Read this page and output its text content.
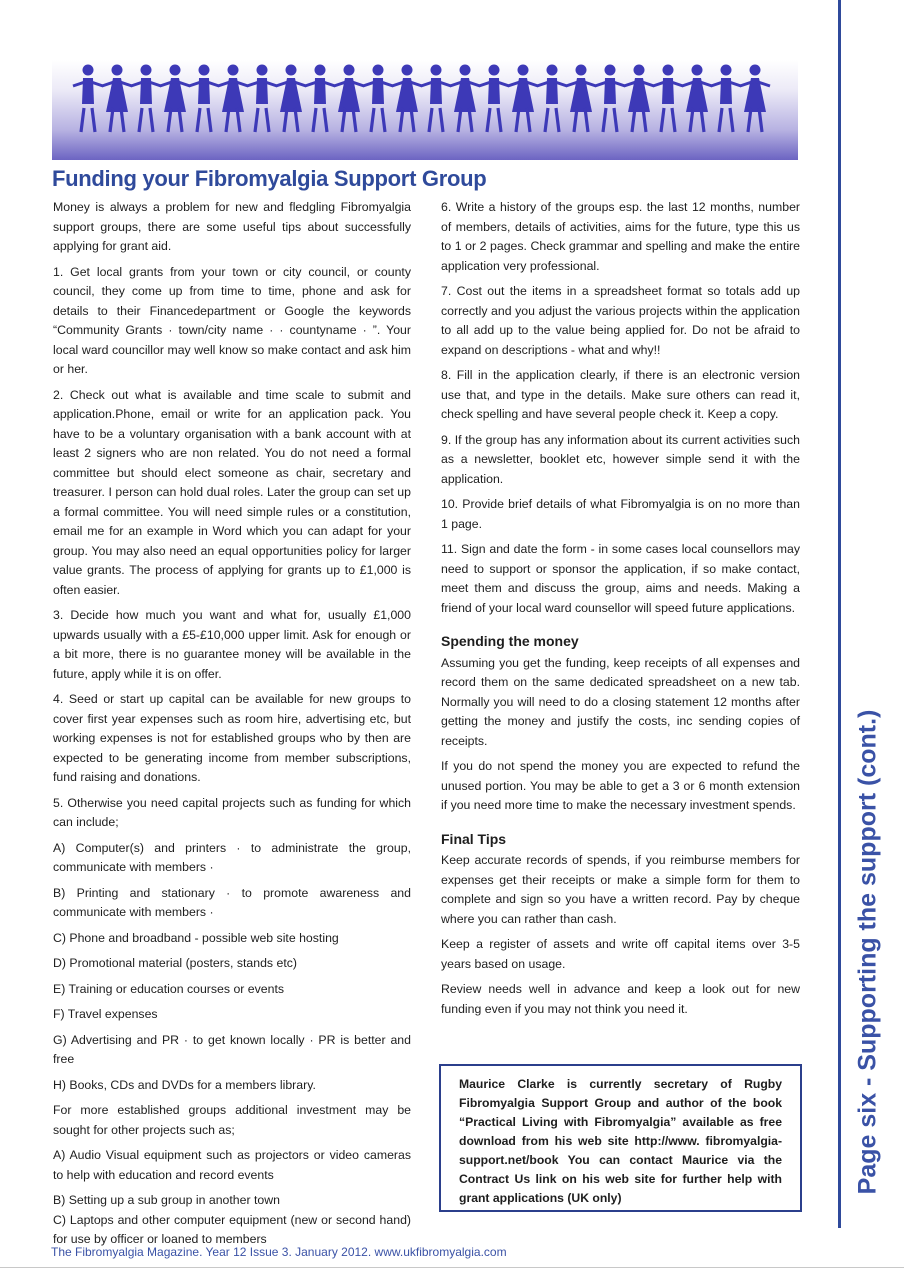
Funding your Fibromyalgia Support Group

Money is always a problem for new and fledgling Fibromyalgia support groups, there are some useful tips about successfully applying for grant aid.

1. Get local grants from your town or city council, or county council, they come up from time to time, phone and ask for details to their Financedepartment or Google the keywords “Community Grants · town/city name · · countyname · ”. Your local ward councillor may well know so make contact and ask him or her.

2. Check out what is available and time scale to submit and application.Phone, email or write for an application pack. You have to be a voluntary organisation with a bank account with at least 2 signers who are non related. You do not need a formal committee but should elect someone as chair, secretary and treasurer. I person can hold dual roles. Later the group can set up a formal committee. You will need simple rules or a constitution, email me for an example in Word which you can adapt for your group. You may also need an equal opportunities policy for larger value grants. The process of applying for grants up to £1,000 is often easier.

3. Decide how much you want and what for, usually £1,000 upwards usually with a £5-£10,000 upper limit. Ask for enough or a bit more, there is no guarantee money will be available in the future, apply while it is on offer.

4. Seed or start up capital can be available for new groups to cover first year expenses such as room hire, advertising etc, but working expenses is not for established groups who by then are expected to be generating income from member subscriptions, fund raising and donations.

5. Otherwise you need capital projects such as funding for which can include;

A) Computer(s) and printers · to administrate the group, communicate with members ·

B) Printing and stationary · to promote awareness and communicate with members ·

C) Phone and broadband - possible web site hosting

D) Promotional material (posters, stands etc)

E) Training or education courses or events

F) Travel expenses

G) Advertising and PR · to get known locally · PR is better and free

H) Books, CDs and DVDs for a members library.

For more established groups additional investment may be sought for other projects such as;

A) Audio Visual equipment such as projectors or video cameras to help with education and record events

B) Setting up a sub group in another town

C) Laptops and other computer equipment (new or second hand) for use by officer or loaned to members

6. Write a history of the groups esp. the last 12 months, number of members, details of activities, aims for the future, type this us to 1 or 2 pages. Check grammar and spelling and make the entire application very professional.

7. Cost out the items in a spreadsheet format so totals add up correctly and you adjust the various projects within the application to all add up to the value being applied for. Do not be afraid to expand on descriptions - what and why!!

8. Fill in the application clearly, if there is an electronic version use that, and type in the details. Make sure others can read it, check spelling and have several people check it. Keep a copy.

9. If the group has any information about its current activities such as a newsletter, booklet etc, however simple send it with the application.

10. Provide brief details of what Fibromyalgia is on no more than 1 page.

11. Sign and date the form - in some cases local counsellors may need to support or sponsor the application, if so make contact, meet them and discuss the group, aims and needs. Making a friend of your local ward counsellor will speed future applications.

Spending the money

Assuming you get the funding, keep receipts of all expenses and record them on the same dedicated spreadsheet on a new tab. Normally you will need to do a closing statement 12 months after getting the money and justify the costs, inc sending copies of receipts.

If you do not spend the money you are expected to refund the unused portion. You may be able to get a 3 or 6 month extension if you need more time to make the necessary investment spends.

Final Tips

Keep accurate records of spends, if you reimburse members for expenses get their receipts or make a simple form for them to complete and sign so you have a written record. Pay by cheque where you can rather than cash.

Keep a register of assets and write off capital items over 3-5 years based on usage.

Review needs well in advance and keep a look out for new funding even if you may not think you need it.

Maurice Clarke is currently secretary of Rugby Fibromyalgia Support Group and author of the book “Practical Living with Fibromyalgia” available as free download from his web site http://www. fibromyalgia-support.net/book You can contact Maurice via the Contract Us link on his web site for further help with grant applications (UK only)
Page six - Supporting the support (cont.)
The Fibromyalgia Magazine. Year 12 Issue 3. January 2012. www.ukfibromyalgia.com
